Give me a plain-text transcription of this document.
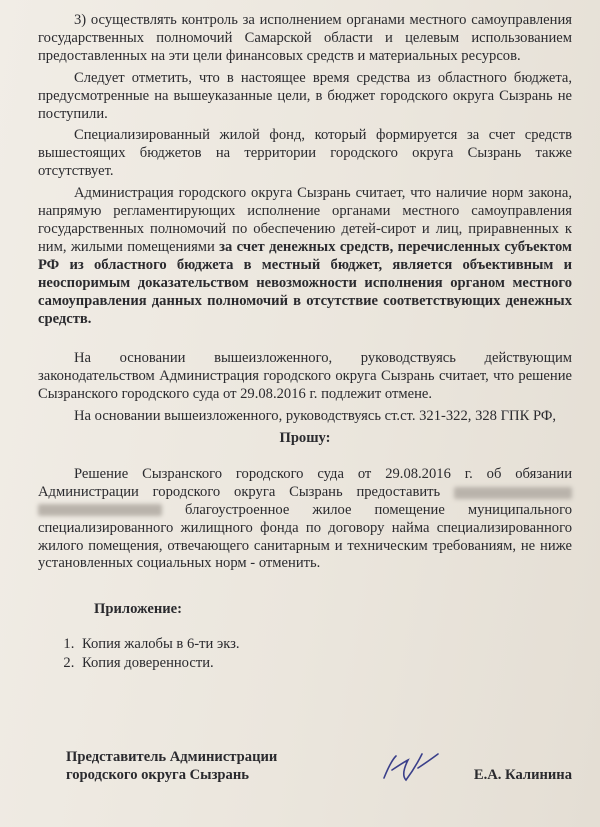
3) осуществлять контроль за исполнением органами местного самоуправления государственных полномочий Самарской области и целевым использованием предоставленных на эти цели финансовых средств и материальных ресурсов.

Следует отметить, что в настоящее время средства из областного бюджета, предусмотренные на вышеуказанные цели, в бюджет городского округа Сызрань не поступили.

Специализированный жилой фонд, который формируется за счет средств вышестоящих бюджетов на территории городского округа Сызрань также отсутствует.

Администрация городского округа Сызрань считает, что наличие норм закона, напрямую регламентирующих исполнение органами местного самоуправления государственных полномочий по обеспечению детей-сирот и лиц, приравненных к ним, жилыми помещениями за счет денежных средств, перечисленных субъектом РФ из областного бюджета в местный бюджет, является объективным и неоспоримым доказательством невозможности исполнения органом местного самоуправления данных полномочий в отсутствие соответствующих денежных средств.

На основании вышеизложенного, руководствуясь действующим законодательством Администрация городского округа Сызрань считает, что решение Сызранского городского суда от 29.08.2016 г. подлежит отмене.

На основании вышеизложенного, руководствуясь ст.ст. 321-322, 328 ГПК РФ,

Прошу:

Решение Сызранского городского суда от 29.08.2016 г. об обязании Администрации городского округа Сызрань предоставить   благоустроенное жилое помещение муниципального специализированного жилищного фонда по договору найма специализированного жилого помещения, отвечающего санитарным и техническим требованиям, не ниже установленных социальных норм - отменить.

Приложение:

1. Копия жалобы в 6-ти экз.
2. Копия доверенности.
Представитель Администрации
городского округа Сызрань	Е.А. Калинина
